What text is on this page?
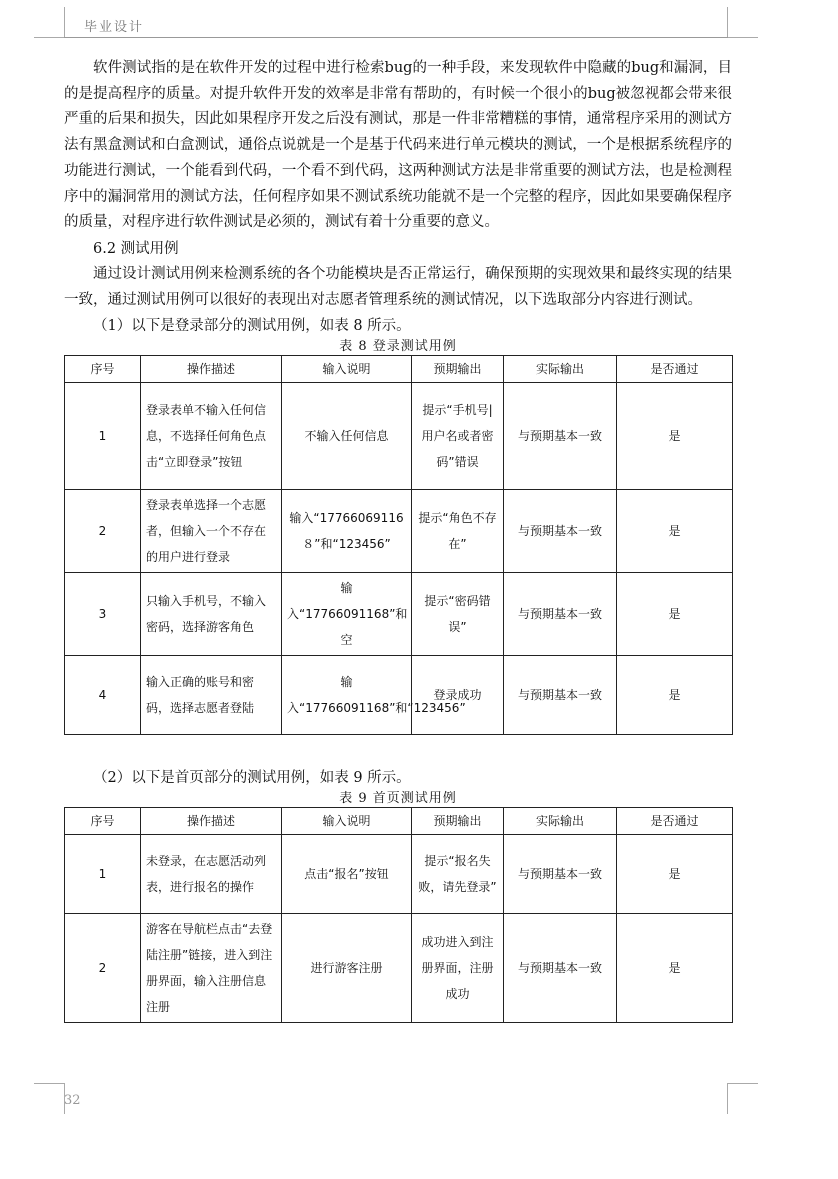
毕业设计

软件测试指的是在软件开发的过程中进行检索bug的一种手段，来发现软件中隐藏的bug和漏洞，目的是提高程序的质量。对提升软件开发的效率是非常有帮助的，有时候一个很小的bug被忽视都会带来很严重的后果和损失，因此如果程序开发之后没有测试，那是一件非常糟糕的事情，通常程序采用的测试方法有黑盒测试和白盒测试，通俗点说就是一个是基于代码来进行单元模块的测试，一个是根据系统程序的功能进行测试，一个能看到代码，一个看不到代码，这两种测试方法是非常重要的测试方法，也是检测程序中的漏洞常用的测试方法，任何程序如果不测试系统功能就不是一个完整的程序，因此如果要确保程序的质量，对程序进行软件测试是必须的，测试有着十分重要的意义。

6.2 测试用例

通过设计测试用例来检测系统的各个功能模块是否正常运行，确保预期的实现效果和最终实现的结果一致，通过测试用例可以很好的表现出对志愿者管理系统的测试情况，以下选取部分内容进行测试。

（1）以下是登录部分的测试用例，如表 8 所示。

表 8 登录测试用例

序号	操作描述	输入说明	预期输出	实际输出	是否通过
1	登录表单不输入任何信息，不选择任何角色点击“立即登录”按钮	不输入任何信息	提示“手机号|用户名或者密码”错误	与预期基本一致	是
2	登录表单选择一个志愿者，但输入一个不存在的用户进行登录	输入“17766069116８”和“123456”	提示“角色不存在”	与预期基本一致	是
3	只输入手机号，不输入密码，选择游客角色	输入“17766091168”和空	提示“密码错误”	与预期基本一致	是
4	输入正确的账号和密码，选择志愿者登陆	输入“17766091168”和“123456”	登录成功	与预期基本一致	是

（2）以下是首页部分的测试用例，如表 9 所示。

表 9 首页测试用例

序号	操作描述	输入说明	预期输出	实际输出	是否通过
1	未登录，在志愿活动列表，进行报名的操作	点击“报名”按钮	提示“报名失败，请先登录”	与预期基本一致	是
2	游客在导航栏点击“去登陆注册”链接，进入到注册界面，输入注册信息注册	进行游客注册	成功进入到注册界面，注册成功	与预期基本一致	是
32
